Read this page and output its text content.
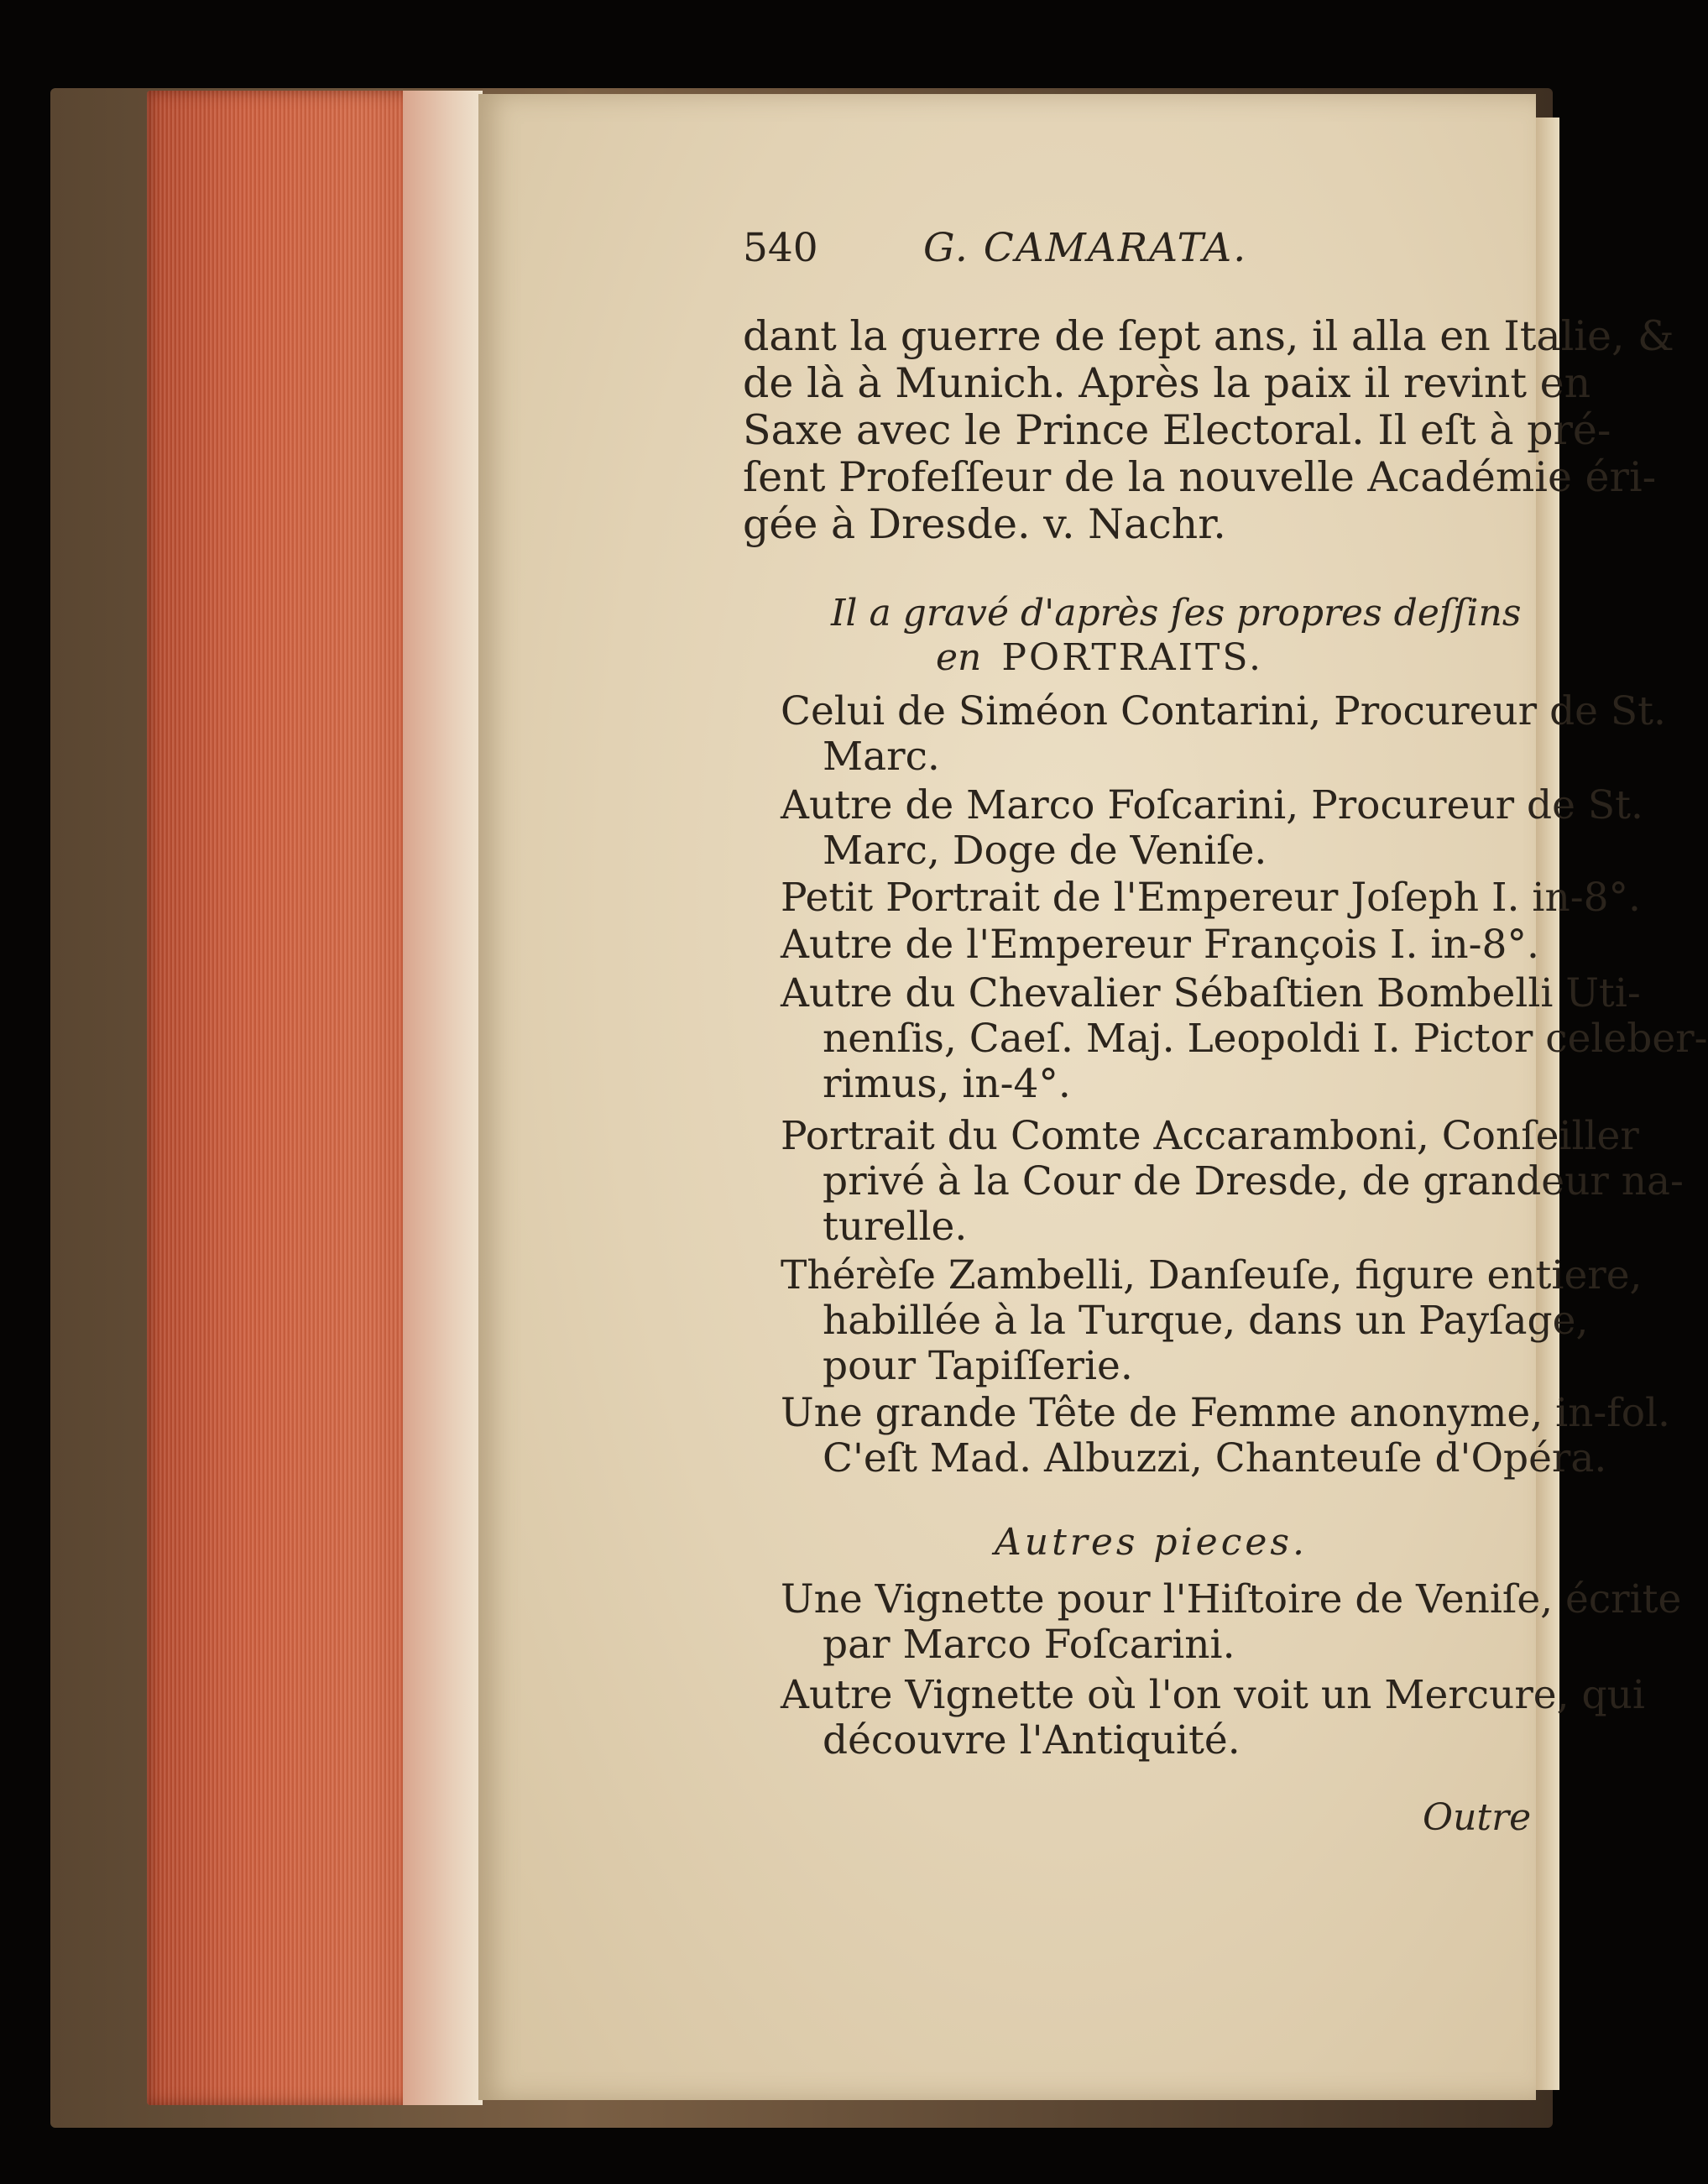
540	G. CAMARATA.
dant la guerre de ſept ans, il alla en Italie, &
de là à Munich. Après la paix il revint en
Saxe avec le Prince Electoral. Il eſt à pré-
ſent Profeſſeur de la nouvelle Académie éri-
gée à Dresde. v. Nachr.
Il a gravé d'après ſes propres deſſins
en PORTRAITS.
Celui de Siméon Contarini, Procureur de St.
Marc.
Autre de Marco Foſcarini, Procureur de St.
Marc, Doge de Veniſe.
Petit Portrait de l'Empereur Joſeph I. in-8°.
Autre de l'Empereur François I. in-8°.
Autre du Chevalier Sébaſtien Bombelli Uti-
nenſis, Caeſ. Maj. Leopoldi I. Pictor celeber-
rimus, in-4°.
Portrait du Comte Accaramboni, Conſeiller
privé à la Cour de Dresde, de grandeur na-
turelle.
Thérèſe Zambelli, Danſeuſe, figure entiere,
habillée à la Turque, dans un Payſage,
pour Tapiſſerie.
Une grande Tête de Femme anonyme, in-fol.
C'eſt Mad. Albuzzi, Chanteuſe d'Opéra.
Autres pieces.
Une Vignette pour l'Hiſtoire de Veniſe, écrite
par Marco Foſcarini.
Autre Vignette où l'on voit un Mercure, qui
découvre l'Antiquité.
Outre
